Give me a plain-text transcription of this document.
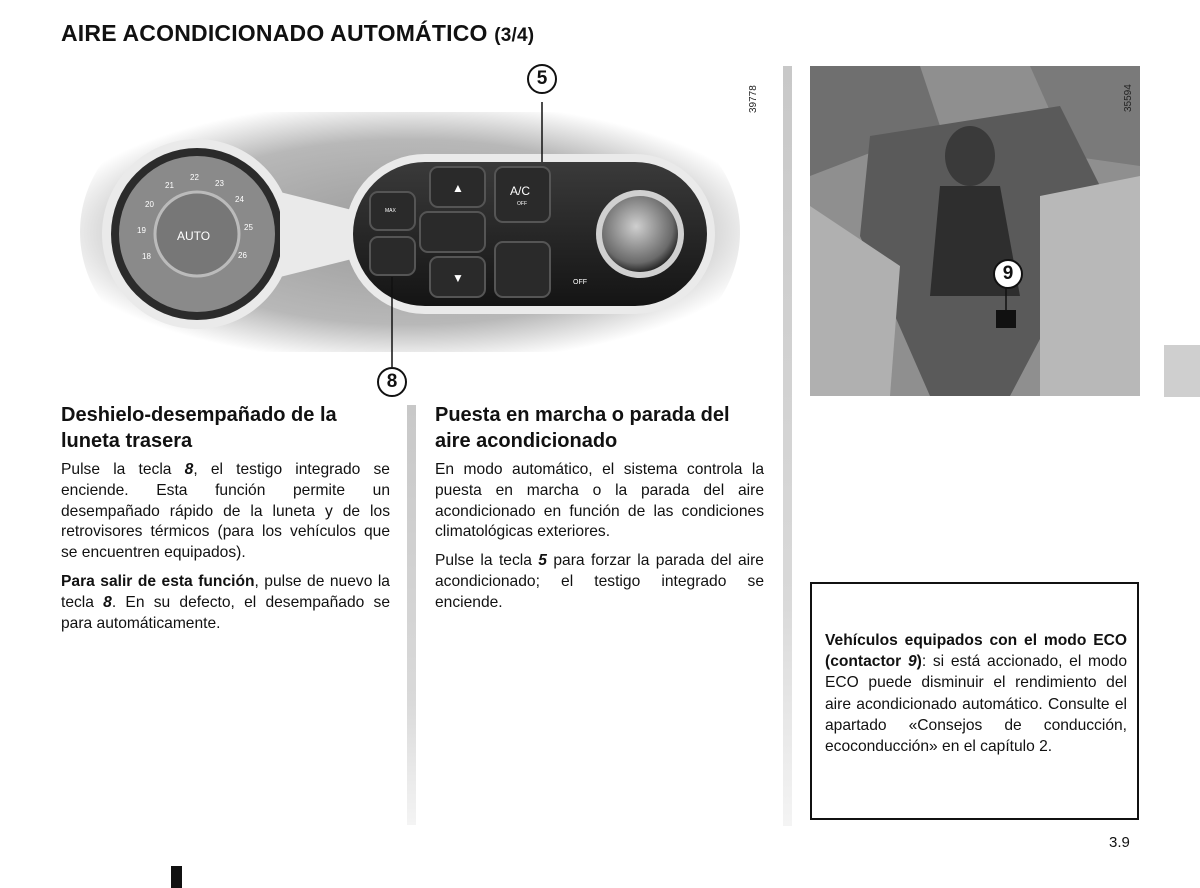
AIRE ACONDICIONADO AUTOMÁTICO (3/4)
18
19
20
21
22
23
24
25
26
AUTO
A/C
OFF
MAX
OFF
▲
▼
5
8
39778	35594
9
Deshielo-desempañado de la luneta trasera

Pulse la tecla 8, el testigo integrado se enciende. Esta función permite un desempañado rápido de la luneta y de los retrovisores térmicos (para los vehículos que se encuentren equipados).

Para salir de esta función, pulse de nuevo la tecla 8. En su defecto, el desempañado se para automáticamente.

Puesta en marcha o parada del aire acondicionado

En modo automático, el sistema controla la puesta en marcha o la parada del aire acondicionado en función de las condiciones climatológicas exteriores.

Pulse la tecla 5 para forzar la parada del aire acondicionado; el testigo integrado se enciende.

Vehículos equipados con el modo ECO (contactor 9): si está accionado, el modo ECO puede disminuir el rendimiento del aire acondicionado automático. Consulte el apartado «Consejos de conducción, ecoconducción» en el capítulo 2.
3.9
